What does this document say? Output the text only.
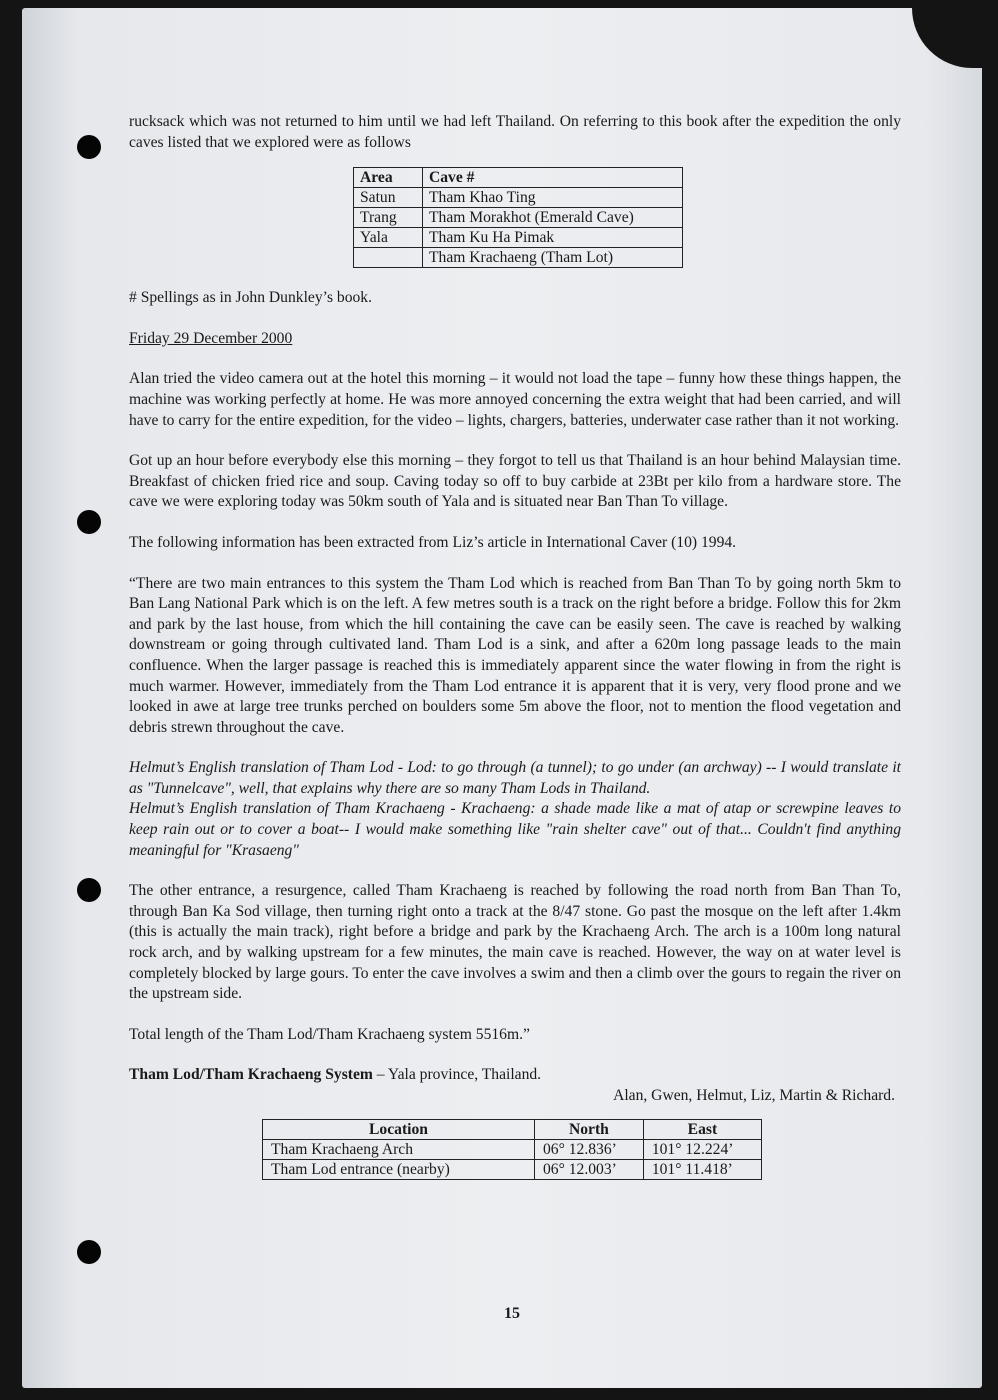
rucksack which was not returned to him until we had left Thailand. On referring to this book after the expedition the only caves listed that we explored were as follows

Area	Cave #
Satun	Tham Khao Ting
Trang	Tham Morakhot (Emerald Cave)
Yala	Tham Ku Ha Pimak
	Tham Krachaeng (Tham Lot)
# Spellings as in John Dunkley’s book.
Friday 29 December 2000

Alan tried the video camera out at the hotel this morning – it would not load the tape – funny how these things happen, the machine was working perfectly at home. He was more annoyed concerning the extra weight that had been carried, and will have to carry for the entire expedition, for the video – lights, chargers, batteries, underwater case rather than it not working.

Got up an hour before everybody else this morning – they forgot to tell us that Thailand is an hour behind Malaysian time. Breakfast of chicken fried rice and soup. Caving today so off to buy carbide at 23Bt per kilo from a hardware store. The cave we were exploring today was 50km south of Yala and is situated near Ban Than To village.

The following information has been extracted from Liz’s article in International Caver (10) 1994.

“There are two main entrances to this system the Tham Lod which is reached from Ban Than To by going north 5km to Ban Lang National Park which is on the left. A few metres south is a track on the right before a bridge. Follow this for 2km and park by the last house, from which the hill containing the cave can be easily seen. The cave is reached by walking downstream or going through cultivated land. Tham Lod is a sink, and after a 620m long passage leads to the main confluence. When the larger passage is reached this is immediately apparent since the water flowing in from the right is much warmer. However, immediately from the Tham Lod entrance it is apparent that it is very, very flood prone and we looked in awe at large tree trunks perched on boulders some 5m above the floor, not to mention the flood vegetation and debris strewn throughout the cave.

Helmut’s English translation of Tham Lod - Lod: to go through (a tunnel); to go under (an archway) -- I would translate it as "Tunnelcave", well, that explains why there are so many Tham Lods in Thailand.
Helmut’s English translation of Tham Krachaeng - Krachaeng: a shade made like a mat of atap or screwpine leaves to keep rain out or to cover a boat-- I would make something like "rain shelter cave" out of that... Couldn't find anything meaningful for "Krasaeng"

The other entrance, a resurgence, called Tham Krachaeng is reached by following the road north from Ban Than To, through Ban Ka Sod village, then turning right onto a track at the 8/47 stone. Go past the mosque on the left after 1.4km (this is actually the main track), right before a bridge and park by the Krachaeng Arch. The arch is a 100m long natural rock arch, and by walking upstream for a few minutes, the main cave is reached. However, the way on at water level is completely blocked by large gours. To enter the cave involves a swim and then a climb over the gours to regain the river on the upstream side.

Total length of the Tham Lod/Tham Krachaeng system 5516m.”

Tham Lod/Tham Krachaeng System – Yala province, Thailand.
Alan, Gwen, Helmut, Liz, Martin & Richard.
Location	North	East
Tham Krachaeng Arch	06° 12.836’	101° 12.224’
Tham Lod entrance (nearby)	06° 12.003’	101° 11.418’
15
